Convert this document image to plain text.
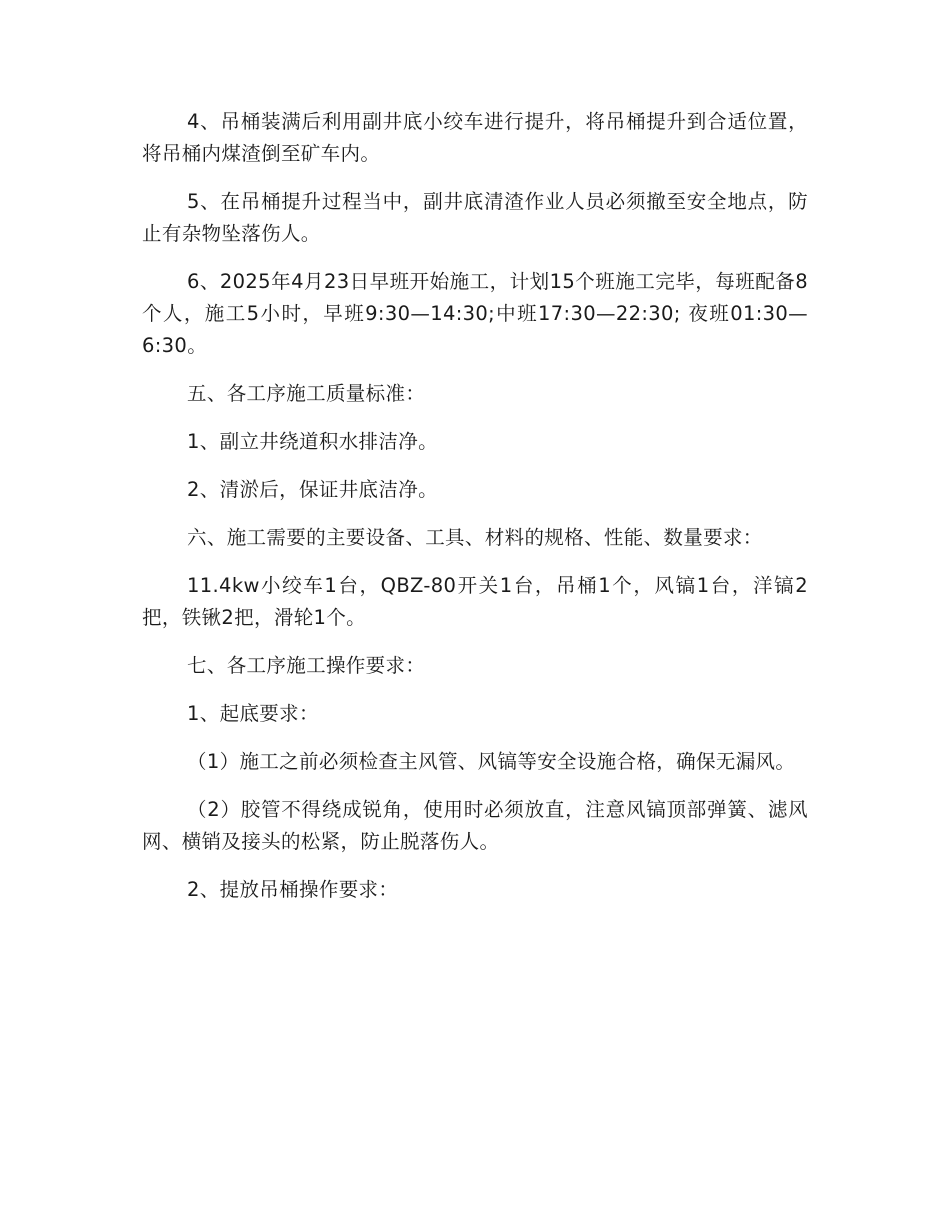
4、吊桶装满后利用副井底小绞车进行提升，将吊桶提升到合适位置，将吊桶内煤渣倒至矿车内。

5、在吊桶提升过程当中，副井底清渣作业人员必须撤至安全地点，防止有杂物坠落伤人。

6、2025年4月23日早班开始施工，计划15个班施工完毕，每班配备8个人，施工5小时，早班9:30—14:30;中班17:30—22:30; 夜班01:30—6:30。

五、各工序施工质量标准：

1、副立井绕道积水排洁净。

2、清淤后，保证井底洁净。

六、施工需要的主要设备、工具、材料的规格、性能、数量要求：

11.4kw小绞车1台，QBZ-80开关1台，吊桶1个，风镐1台，洋镐2把，铁锹2把，滑轮1个。

七、各工序施工操作要求：

1、起底要求：

（1）施工之前必须检查主风管、风镐等安全设施合格，确保无漏风。

（2）胶管不得绕成锐角，使用时必须放直，注意风镐顶部弹簧、滤风网、横销及接头的松紧，防止脱落伤人。

2、提放吊桶操作要求：
